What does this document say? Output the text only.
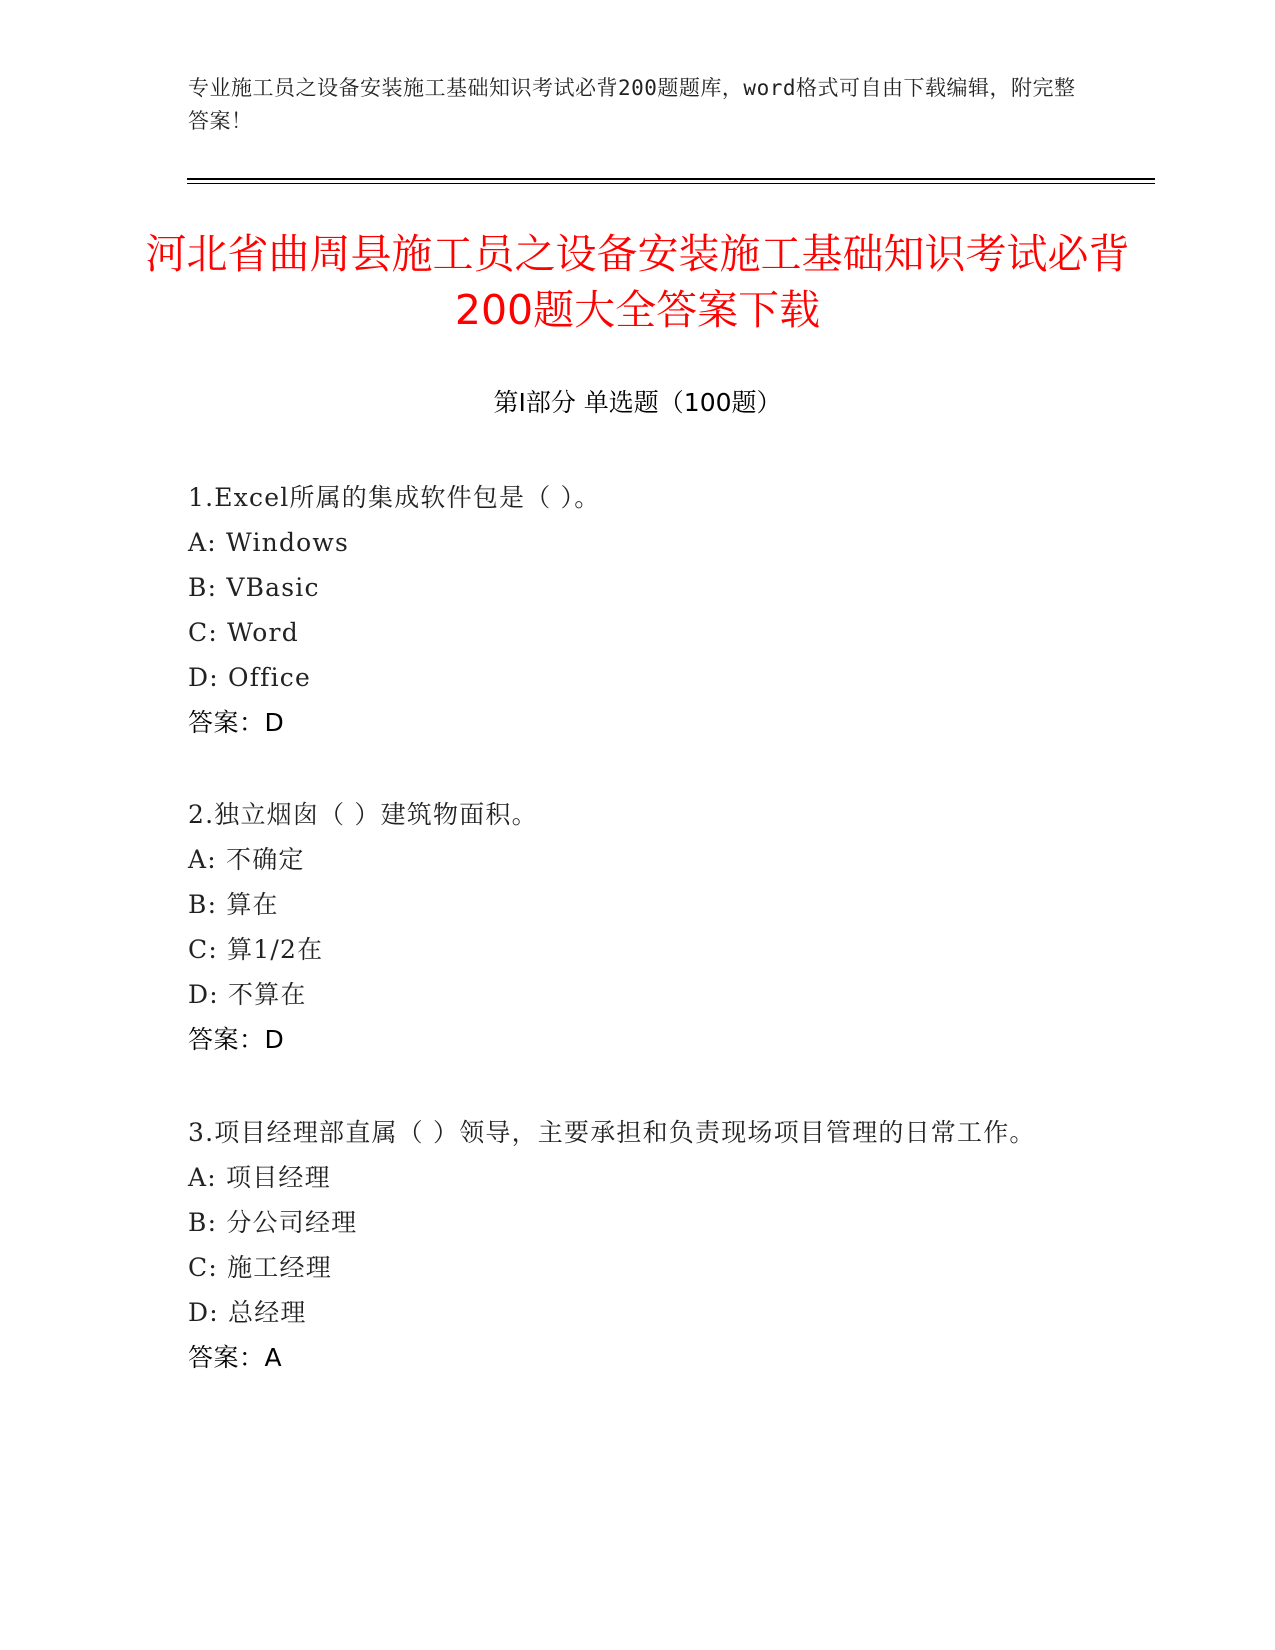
专业施工员之设备安装施工基础知识考试必背200题题库，word格式可自由下载编辑，附完整答案！
河北省曲周县施工员之设备安装施工基础知识考试必背200题大全答案下载
第I部分 单选题（100题）
1.Excel所属的集成软件包是（ ）。
A: Windows
B: VBasic
C: Word
D: Office
答案：D
2.独立烟囱（ ）建筑物面积。
A: 不确定
B: 算在
C: 算1/2在
D: 不算在
答案：D
3.项目经理部直属（ ）领导，主要承担和负责现场项目管理的日常工作。
A: 项目经理
B: 分公司经理
C: 施工经理
D: 总经理
答案：A
